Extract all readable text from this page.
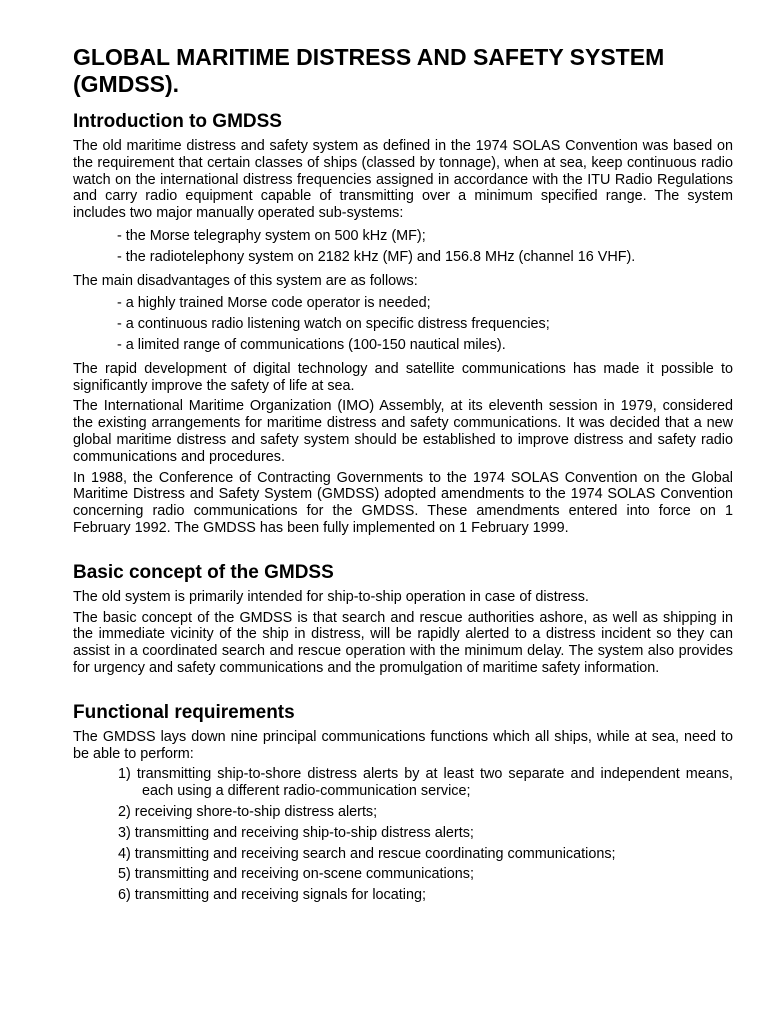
GLOBAL MARITIME DISTRESS AND SAFETY SYSTEM (GMDSS).
Introduction to GMDSS

The old maritime distress and safety system as defined in the 1974 SOLAS Convention was based on the requirement that certain classes of ships (classed by tonnage), when at sea, keep continuous radio watch on the international distress frequencies assigned in accordance with the ITU Radio Regulations and carry radio equipment capable of transmitting over a minimum specified range. The system includes two major manually operated sub-systems:

- the Morse telegraphy system on 500 kHz (MF);
- the radiotelephony system on 2182 kHz (MF) and 156.8 MHz (channel 16 VHF).

The main disadvantages of this system are as follows:

- a highly trained Morse code operator is needed;
- a continuous radio listening watch on specific distress frequencies;
- a limited range of communications (100-150 nautical miles).

The rapid development of digital technology and satellite communications has made it possible to significantly improve the safety of life at sea.

The International Maritime Organization (IMO) Assembly, at its eleventh session in 1979, considered the existing arrangements for maritime distress and safety communications. It was decided that a new global maritime distress and safety system should be established to improve distress and safety radio communications and procedures.

In 1988, the Conference of Contracting Governments to the 1974 SOLAS Convention on the Global Maritime Distress and Safety System (GMDSS) adopted amendments to the 1974 SOLAS Convention concerning radio communications for the GMDSS. These amendments entered into force on 1 February 1992. The GMDSS has been fully implemented on 1 February 1999.

Basic concept of the GMDSS

The old system is primarily intended for ship-to-ship operation in case of distress.

The basic concept of the GMDSS is that search and rescue authorities ashore, as well as shipping in the immediate vicinity of the ship in distress, will be rapidly alerted to a distress incident so they can assist in a coordinated search and rescue operation with the minimum delay. The system also provides for urgency and safety communications and the promulgation of maritime safety information.

Functional requirements

The GMDSS lays down nine principal communications functions which all ships, while at sea, need to be able to perform:

1) transmitting ship-to-shore distress alerts by at least two separate and independent means, each using a different radio-communication service;
2) receiving shore-to-ship distress alerts;
3) transmitting and receiving ship-to-ship distress alerts;
4) transmitting and receiving search and rescue coordinating communications;
5) transmitting and receiving on-scene communications;
6) transmitting and receiving signals for locating;
